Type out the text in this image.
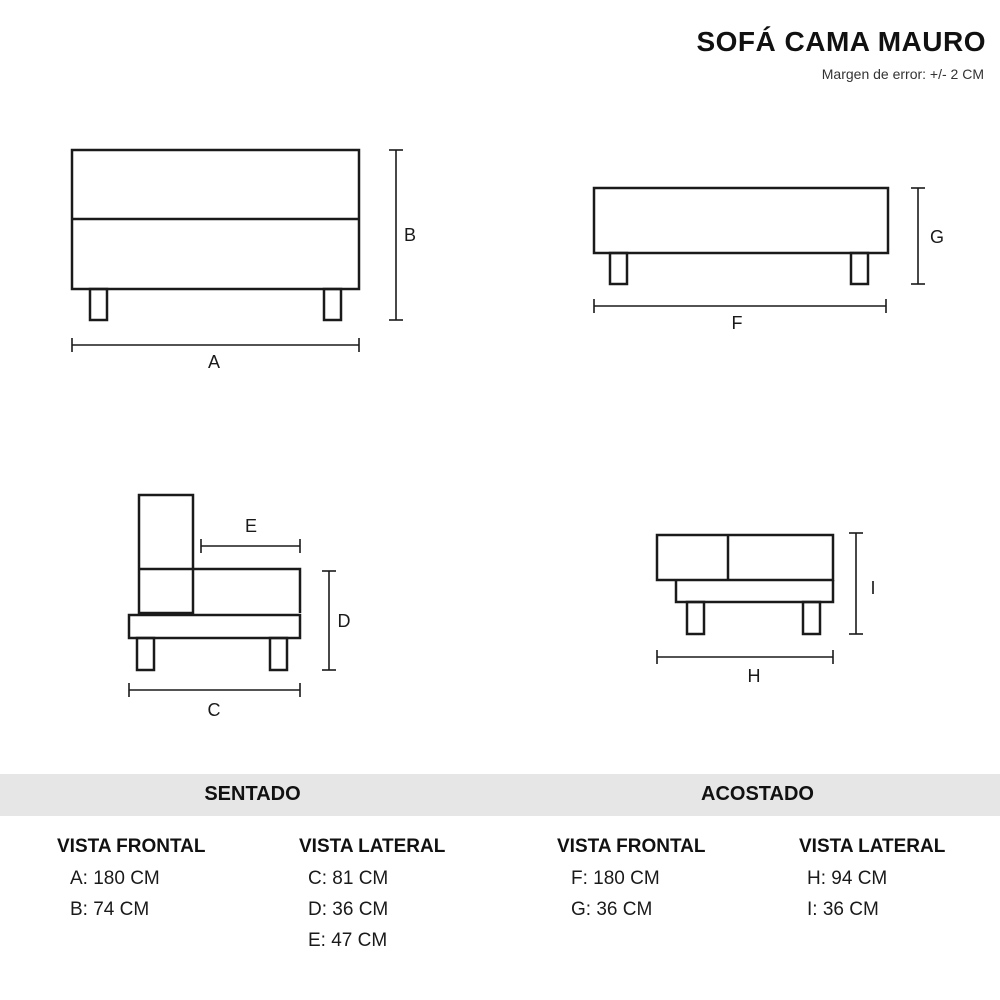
SOFÁ CAMA MAURO
Margen de error: +/- 2 CM
A
B
F
G
E
D
C
I
H
SENTADO	ACOSTADO
VISTA FRONTAL
A: 180 CM
B: 74 CM
VISTA LATERAL
C: 81 CM
D: 36 CM
E: 47 CM
VISTA FRONTAL
F: 180 CM
G: 36 CM
VISTA LATERAL
H: 94 CM
I: 36 CM
